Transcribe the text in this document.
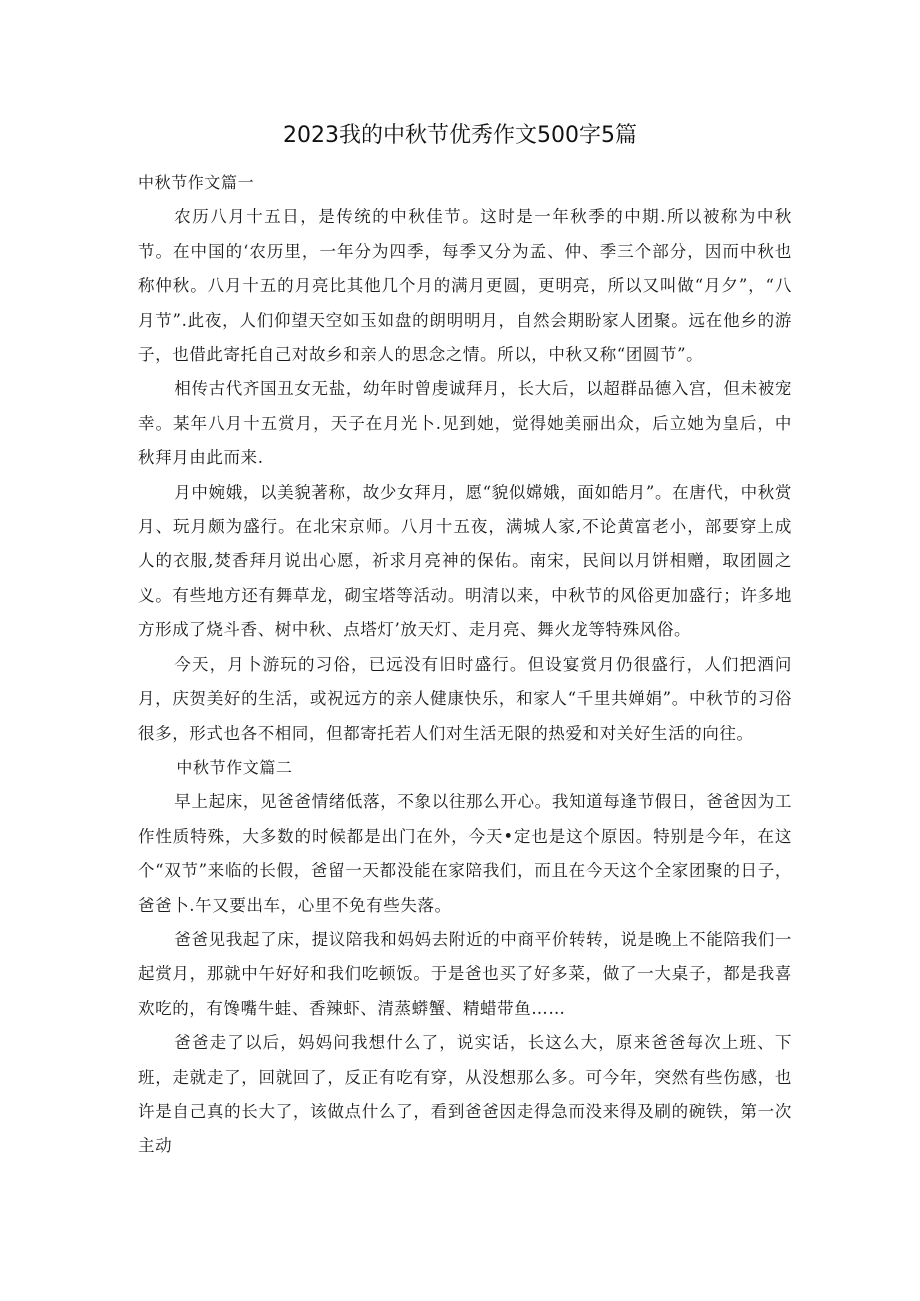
2023我的中秋节优秀作文500字5篇

中秋节作文篇一

农历八月十五日，是传统的中秋佳节。这时是一年秋季的中期.所以被称为中秋节。在中国的‘农历里，一年分为四季，每季又分为孟、仲、季三个部分，因而中秋也称仲秋。八月十五的月亮比其他几个月的满月更圆，更明亮，所以又叫做“月夕”，“八月节”.此夜，人们仰望天空如玉如盘的朗明明月，自然会期盼家人团聚。远在他乡的游子，也借此寄托自己对故乡和亲人的思念之情。所以，中秋又称“团圆节”。

相传古代齐国丑女无盐，幼年时曾虔诚拜月，长大后，以超群品德入宫，但未被宠幸。某年八月十五赏月，天子在月光卜.见到她，觉得她美丽出众，后立她为皇后，中秋拜月由此而来.

月中婉娥，以美貌著称，故少女拜月，愿“貌似嫦娥，面如皓月”。在唐代，中秋赏月、玩月颇为盛行。在北宋京师。八月十五夜，满城人家,不论黄富老小，部要穿上成人的衣服,焚香拜月说出心愿，祈求月亮神的保佑。南宋，民间以月饼相赠，取团圆之义。有些地方还有舞草龙，砌宝塔等活动。明清以来，中秋节的风俗更加盛行；许多地方形成了烧斗香、树中秋、点塔灯’放天灯、走月亮、舞火龙等特殊风俗。

今天，月卜游玩的习俗，已远没有旧时盛行。但设宴赏月仍很盛行，人们把酒问月，庆贺美好的生活，或祝远方的亲人健康快乐，和家人“千里共婵娟”。中秋节的习俗很多，形式也各不相同，但都寄托若人们对生活无限的热爱和对关好生活的向往。

中秋节作文篇二

早上起床，见爸爸情绪低落，不象以往那么开心。我知道每逢节假日，爸爸因为工作性质特殊，大多数的时候都是出门在外，今天•定也是这个原因。特别是今年，在这个“双节”来临的长假，爸留一天都没能在家陪我们，而且在今天这个全家团聚的日子，爸爸卜.午又要出车，心里不免有些失落。

爸爸见我起了床，提议陪我和妈妈去附近的中商平价转转，说是晚上不能陪我们一起赏月，那就中午好好和我们吃顿饭。于是爸也买了好多菜，做了一大桌子，都是我喜欢吃的，有馋嘴牛蛙、香辣虾、清蒸蟒蟹、精蜡带鱼……

爸爸走了以后，妈妈问我想什么了，说实话，长这么大，原来爸爸每次上班、下班，走就走了，回就回了，反正有吃有穿，从没想那么多。可今年，突然有些伤感，也许是自己真的长大了，该做点什么了，看到爸爸因走得急而没来得及刷的碗铁，第一次主动
